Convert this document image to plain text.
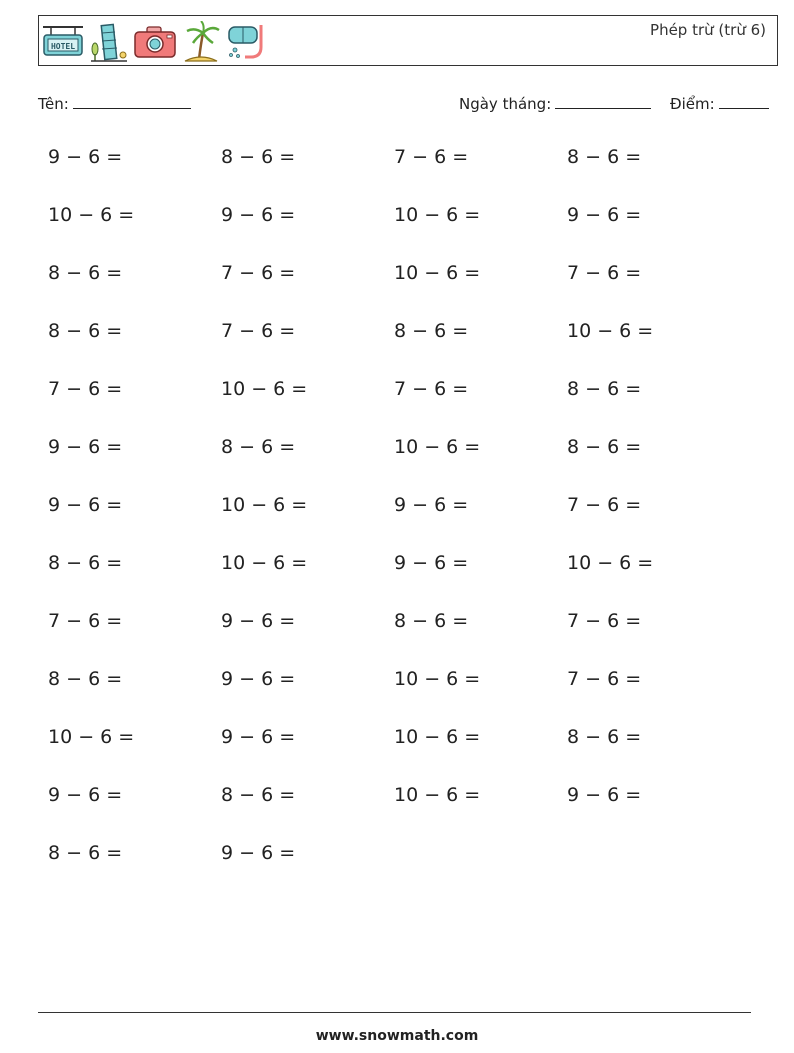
HOTEL
Phép trừ (trừ 6)
Tên:	Ngày tháng:	Điểm:
9 − 6 =	8 − 6 =	7 − 6 =	8 − 6 =
10 − 6 =	9 − 6 =	10 − 6 =	9 − 6 =
8 − 6 =	7 − 6 =	10 − 6 =	7 − 6 =
8 − 6 =	7 − 6 =	8 − 6 =	10 − 6 =
7 − 6 =	10 − 6 =	7 − 6 =	8 − 6 =
9 − 6 =	8 − 6 =	10 − 6 =	8 − 6 =
9 − 6 =	10 − 6 =	9 − 6 =	7 − 6 =
8 − 6 =	10 − 6 =	9 − 6 =	10 − 6 =
7 − 6 =	9 − 6 =	8 − 6 =	7 − 6 =
8 − 6 =	9 − 6 =	10 − 6 =	7 − 6 =
10 − 6 =	9 − 6 =	10 − 6 =	8 − 6 =
9 − 6 =	8 − 6 =	10 − 6 =	9 − 6 =
8 − 6 =	9 − 6 =
www.snowmath.com
